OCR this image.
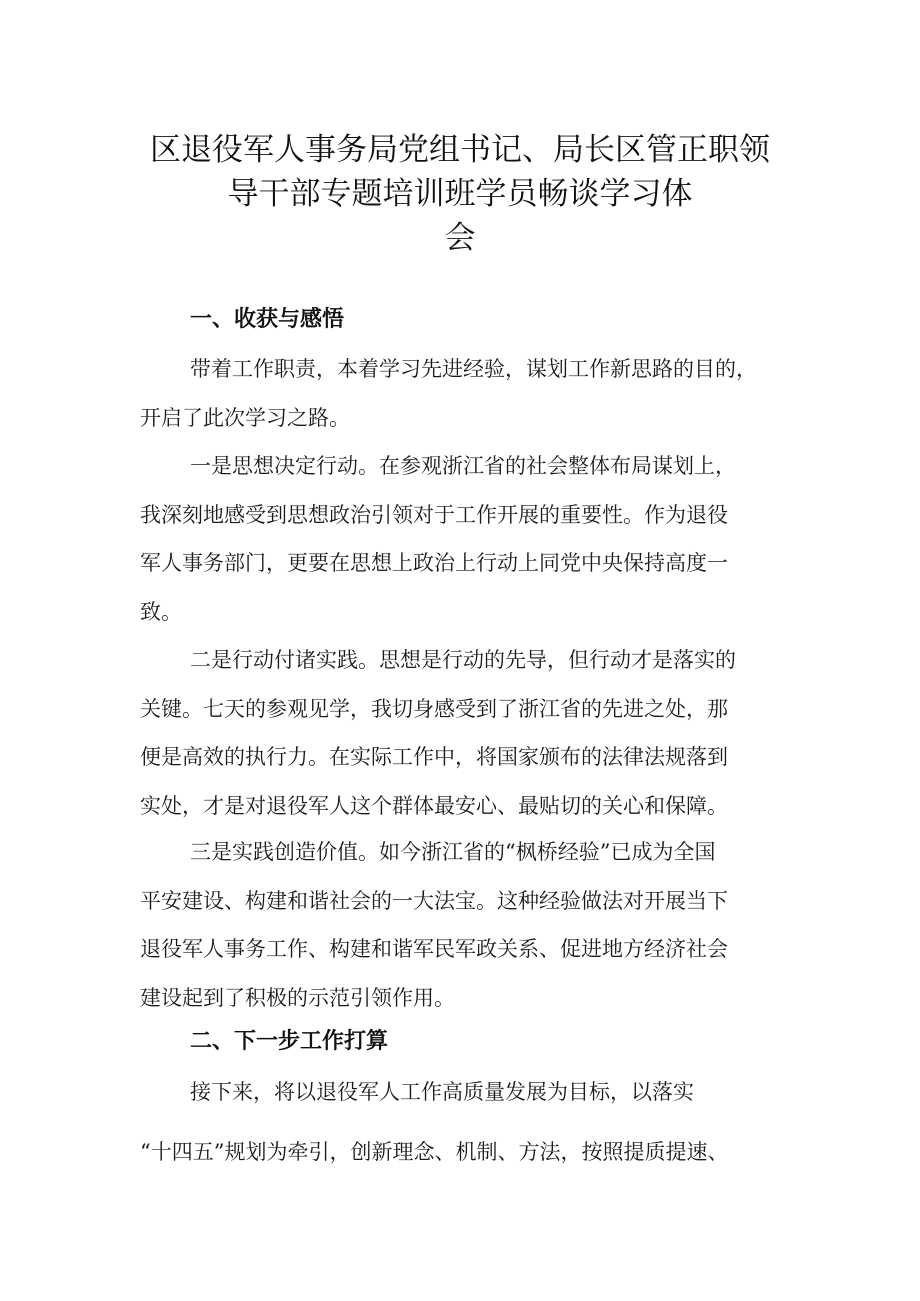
区退役军人事务局党组书记、局长区管正职领
导干部专题培训班学员畅谈学习体
会
一、收获与感悟

带着工作职责，本着学习先进经验，谋划工作新思路的目的，
开启了此次学习之路。

一是思想决定行动。在参观浙江省的社会整体布局谋划上，
我深刻地感受到思想政治引领对于工作开展的重要性。作为退役
军人事务部门，更要在思想上政治上行动上同党中央保持高度一
致。

二是行动付诸实践。思想是行动的先导，但行动才是落实的
关键。七天的参观见学，我切身感受到了浙江省的先进之处，那
便是高效的执行力。在实际工作中，将国家颁布的法律法规落到
实处，才是对退役军人这个群体最安心、最贴切的关心和保障。

三是实践创造价值。如今浙江省的“枫桥经验”已成为全国
平安建设、构建和谐社会的一大法宝。这种经验做法对开展当下
退役军人事务工作、构建和谐军民军政关系、促进地方经济社会
建设起到了积极的示范引领作用。

二、下一步工作打算

接下来，将以退役军人工作高质量发展为目标，以落实

“十四五”规划为牵引，创新理念、机制、方法，按照提质提速、
